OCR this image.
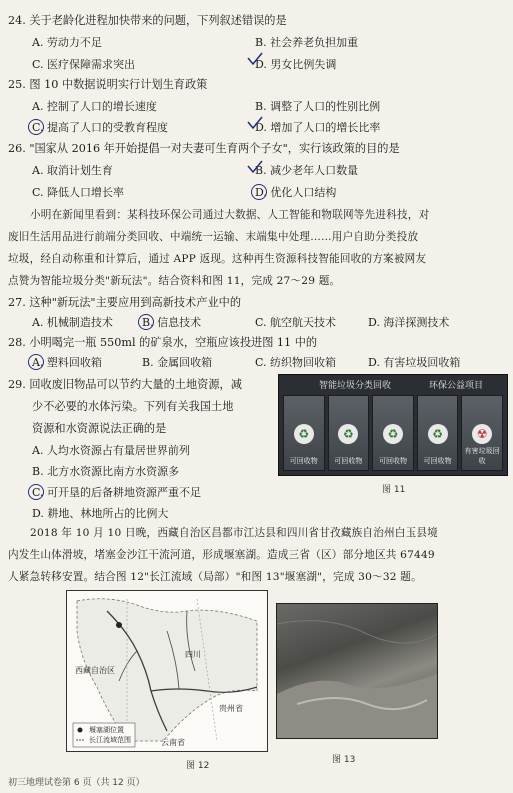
24. 关于老龄化进程加快带来的问题，下列叙述错误的是
A. 劳动力不足	B. 社会养老负担加重
C. 医疗保障需求突出	D. 男女比例失调
25. 图 10 中数据说明实行计划生育政策
A. 控制了人口的增长速度	B. 调整了人口的性别比例
C. 提高了人口的受教育程度	D. 增加了人口的增长比率
26. "国家从 2016 年开始提倡一对夫妻可生育两个子女"，实行该政策的目的是
A. 取消计划生育	B. 减少老年人口数量
C. 降低人口增长率	D. 优化人口结构
小明在新闻里看到：某科技环保公司通过大数据、人工智能和物联网等先进科技，对
废旧生活用品进行前端分类回收、中端统一运输、末端集中处理……用户自助分类投放
垃圾，经自动称重和计算后，通过 APP 返现。这种再生资源科技智能回收的方案被网友
点赞为智能垃圾分类"新玩法"。结合资料和图 11，完成 27～29 题。
27. 这种"新玩法"主要应用到高新技术产业中的
A. 机械制造技术	B. 信息技术	C. 航空航天技术	D. 海洋探测技术
28. 小明喝完一瓶 550ml 的矿泉水，空瓶应该投进图 11 中的
A. 塑料回收箱	B. 金属回收箱	C. 纺织物回收箱	D. 有害垃圾回收箱
29. 回收废旧物品可以节约大量的土地资源，减
少不必要的水体污染。下列有关我国土地
资源和水资源说法正确的是
A. 人均水资源占有量居世界前列
B. 北方水资源比南方水资源多
C. 可开垦的后备耕地资源严重不足
D. 耕地、林地所占的比例大
智能垃圾分类回收	环保公益项目
♻
可回收物
♻
可回收物
♻
可回收物
♻
可回收物
☢
有害垃圾回收
图 11
2018 年 10 月 10 日晚，西藏自治区昌都市江达县和四川省甘孜藏族自治州白玉县境
内发生山体滑坡，堵塞金沙江干流河道，形成堰塞湖。造成三省（区）部分地区共 67449
人紧急转移安置。结合图 12"长江流域（局部）"和图 13"堰塞湖"，完成 30～32 题。
西藏自治区
四川
云南省
贵州省
堰塞湖位置
长江流域范围
图 12
图 13
初三地理试卷第 6 页（共 12 页）
